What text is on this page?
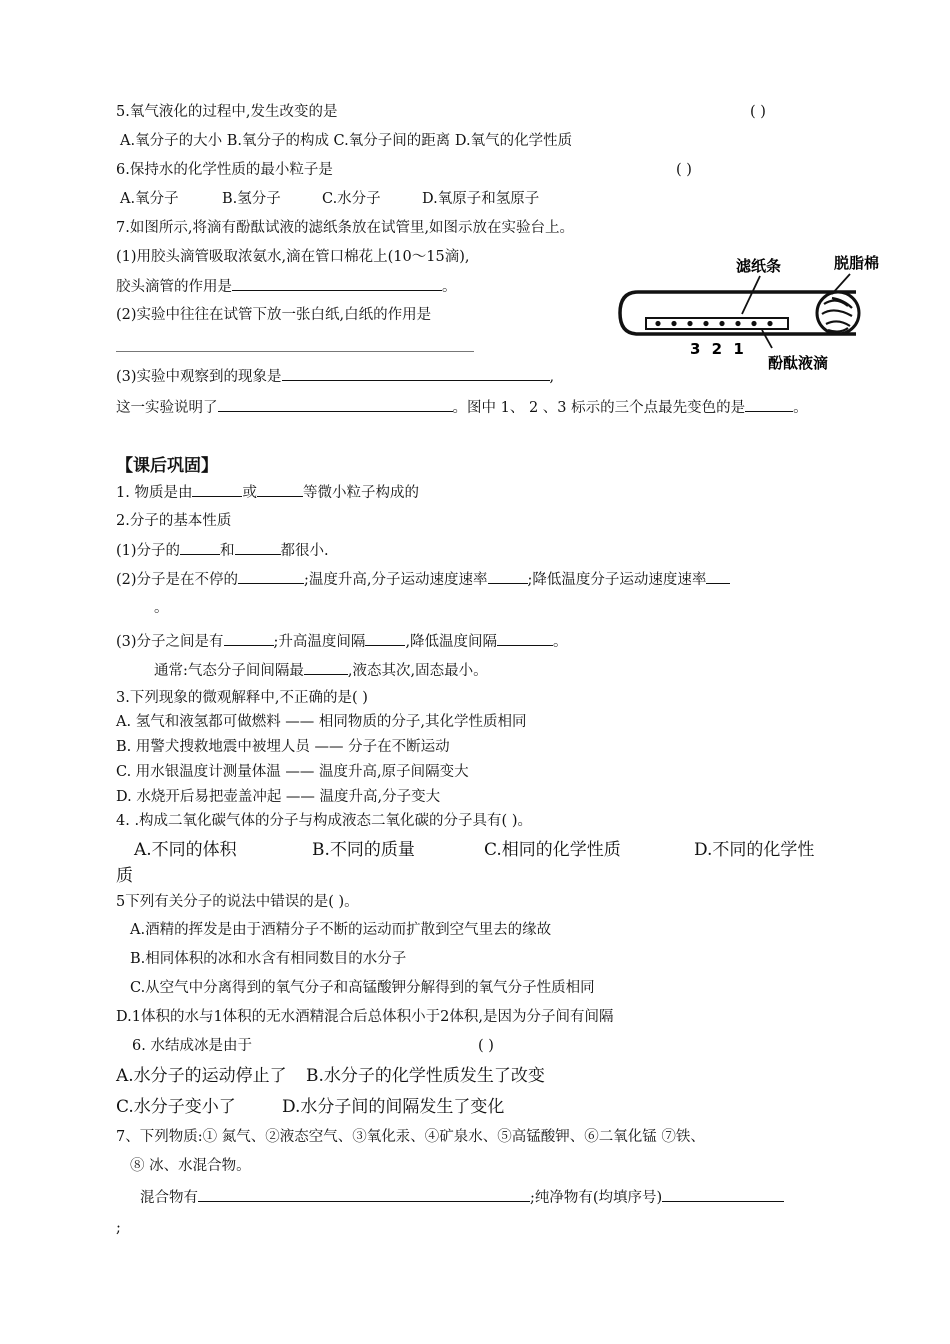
5.氧气液化的过程中,发生改变的是	( )
A.氧分子的大小 B.氧分子的构成 C.氧分子间的距离 D.氧气的化学性质
6.保持水的化学性质的最小粒子是	( )
A.氧分子	B.氢分子	C.水分子	D.氧原子和氢原子
7.如图所示,将滴有酚酞试液的滤纸条放在试管里,如图示放在实验台上。
(1)用胶头滴管吸取浓氨水,滴在管口棉花上(10～15滴),
胶头滴管的作用是	。
(2)实验中往往在试管下放一张白纸,白纸的作用是
(3)实验中观察到的现象是	,
这一实验说明了	。图中 1、 2 、3 标示的三个点最先变色的是	。
滤纸条	脱脂棉
酚酞液滴
3 2 1
【课后巩固】
1. 物质是由	或	等微小粒子构成的
2.分子的基本性质
(1)分子的	和	都很小.
(2)分子是在不停的	;温度升高,分子运动速度速率	;降低温度分子运动速度速率
。
(3)分子之间是有	;升高温度间隔	,降低温度间隔	。
通常:气态分子间间隔最	,液态其次,固态最小。
3.下列现象的微观解释中,不正确的是( )
A. 氢气和液氢都可做燃料 —— 相同物质的分子,其化学性质相同
B. 用警犬搜救地震中被埋人员 —— 分子在不断运动
C. 用水银温度计测量体温 —— 温度升高,原子间隔变大
D. 水烧开后易把壶盖冲起 —— 温度升高,分子变大
4. .构成二氧化碳气体的分子与构成液态二氧化碳的分子具有( )。
A.不同的体积	B.不同的质量	C.相同的化学性质	D.不同的化学性
质
5下列有关分子的说法中错误的是( )。
A.酒精的挥发是由于酒精分子不断的运动而扩散到空气里去的缘故
B.相同体积的冰和水含有相同数目的水分子
C.从空气中分离得到的氧气分子和高锰酸钾分解得到的氧气分子性质相同
D.1体积的水与1体积的无水酒精混合后总体积小于2体积,是因为分子间有间隔
6. 水结成冰是由于	( )
A.水分子的运动停止了 B.水分子的化学性质发生了改变
C.水分子变小了	D.水分子间的间隔发生了变化
7、下列物质:① 氮气、②液态空气、③氧化汞、④矿泉水、⑤高锰酸钾、⑥二氧化锰 ⑦铁、
⑧ 冰、水混合物。
混合物有	;纯净物有(均填序号)
;
